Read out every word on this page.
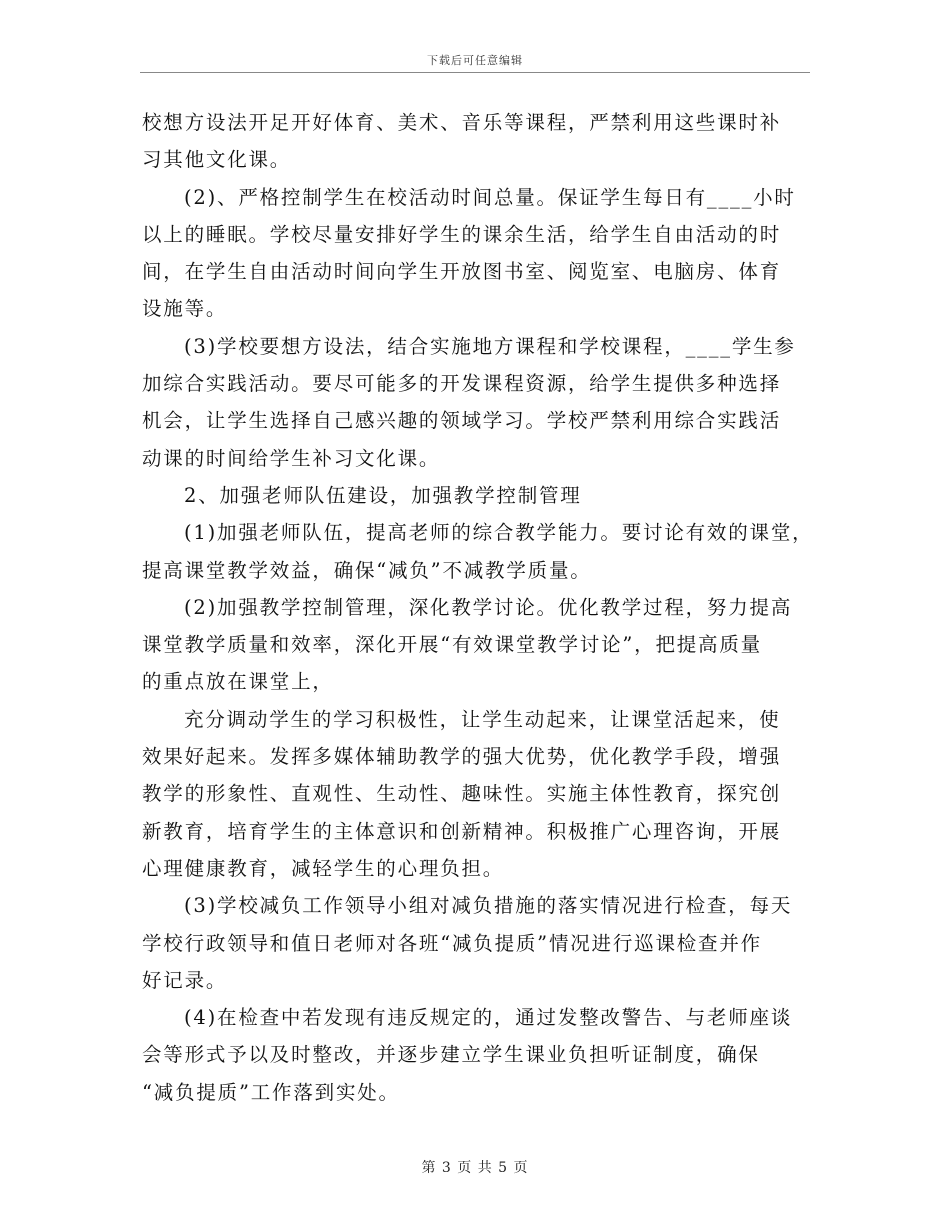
下载后可任意编辑
校想方设法开足开好体育、美术、音乐等课程，严禁利用这些课时补
习其他文化课。
(2)、严格控制学生在校活动时间总量。保证学生每日有____小时
以上的睡眠。学校尽量安排好学生的课余生活，给学生自由活动的时
间，在学生自由活动时间向学生开放图书室、阅览室、电脑房、体育
设施等。
(3)学校要想方设法，结合实施地方课程和学校课程，____学生参
加综合实践活动。要尽可能多的开发课程资源，给学生提供多种选择
机会，让学生选择自己感兴趣的领域学习。学校严禁利用综合实践活
动课的时间给学生补习文化课。
2、加强老师队伍建设，加强教学控制管理
(1)加强老师队伍，提高老师的综合教学能力。要讨论有效的课堂，
提高课堂教学效益，确保“减负”不减教学质量。
(2)加强教学控制管理，深化教学讨论。优化教学过程，努力提高
课堂教学质量和效率，深化开展“有效课堂教学讨论”，把提高质量
的重点放在课堂上，
充分调动学生的学习积极性，让学生动起来，让课堂活起来，使
效果好起来。发挥多媒体辅助教学的强大优势，优化教学手段，增强
教学的形象性、直观性、生动性、趣味性。实施主体性教育，探究创
新教育，培育学生的主体意识和创新精神。积极推广心理咨询，开展
心理健康教育，减轻学生的心理负担。
(3)学校减负工作领导小组对减负措施的落实情况进行检查，每天
学校行政领导和值日老师对各班“减负提质”情况进行巡课检查并作
好记录。
(4)在检查中若发现有违反规定的，通过发整改警告、与老师座谈
会等形式予以及时整改，并逐步建立学生课业负担听证制度，确保
“减负提质”工作落到实处。
第 3 页 共 5 页
